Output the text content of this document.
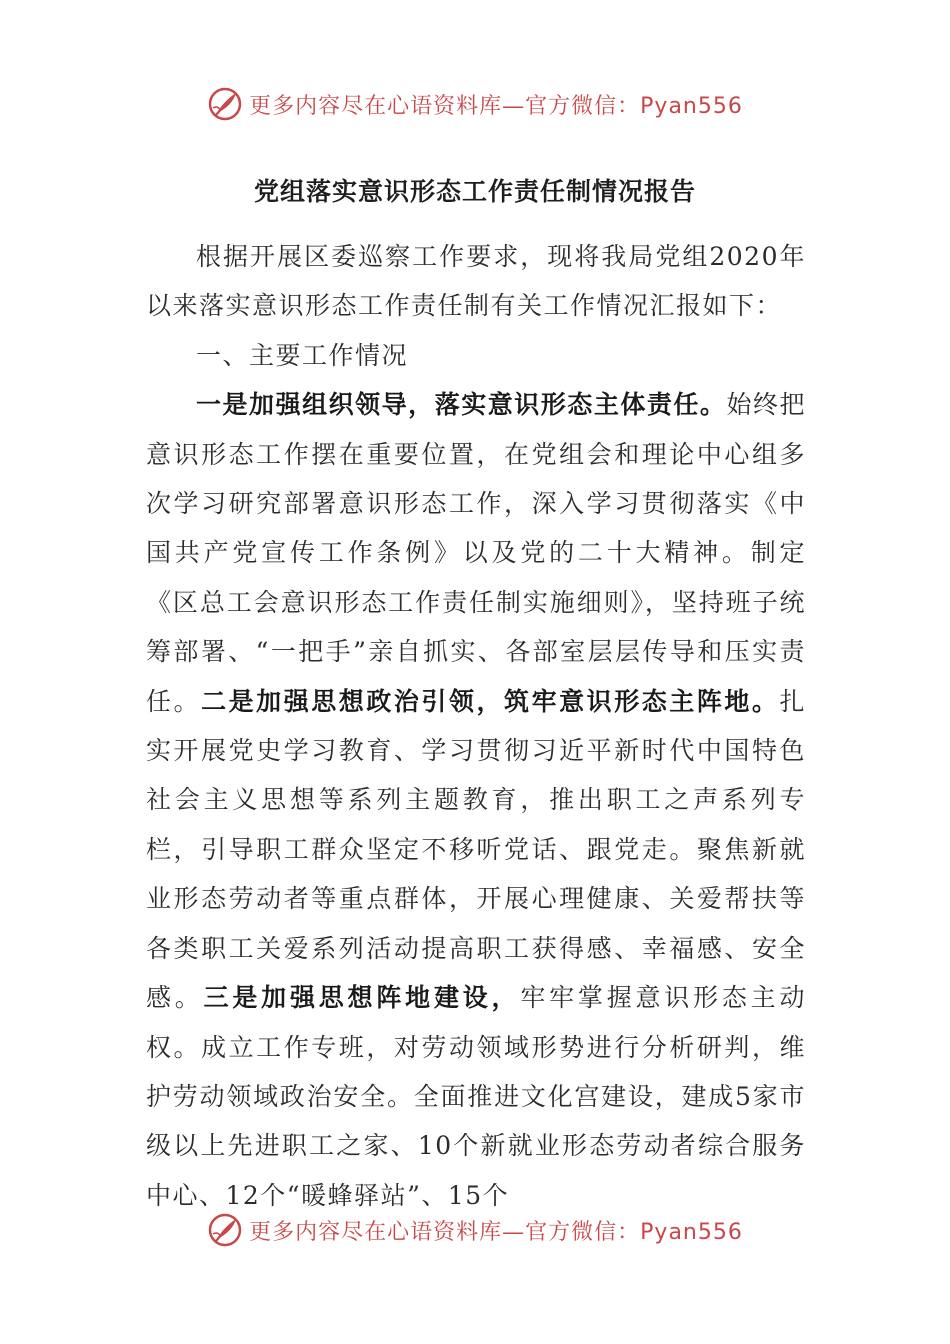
更多内容尽在心语资料库—官方微信：Pyan556
党组落实意识形态工作责任制情况报告

根据开展区委巡察工作要求，现将我局党组2020年以来落实意识形态工作责任制有关工作情况汇报如下：

一、主要工作情况

一是加强组织领导，落实意识形态主体责任。始终把意识形态工作摆在重要位置，在党组会和理论中心组多次学习研究部署意识形态工作，深入学习贯彻落实《中国共产党宣传工作条例》以及党的二十大精神。制定《区总工会意识形态工作责任制实施细则》，坚持班子统筹部署、“一把手”亲自抓实、各部室层层传导和压实责任。二是加强思想政治引领，筑牢意识形态主阵地。扎实开展党史学习教育、学习贯彻习近平新时代中国特色社会主义思想等系列主题教育，推出职工之声系列专栏，引导职工群众坚定不移听党话、跟党走。聚焦新就业形态劳动者等重点群体，开展心理健康、关爱帮扶等各类职工关爱系列活动提高职工获得感、幸福感、安全感。三是加强思想阵地建设，牢牢掌握意识形态主动权。成立工作专班，对劳动领域形势进行分析研判，维护劳动领域政治安全。全面推进文化宫建设，建成5家市级以上先进职工之家、10个新就业形态劳动者综合服务中心、12个“暖蜂驿站”、15个

更多内容尽在心语资料库—官方微信：Pyan556
